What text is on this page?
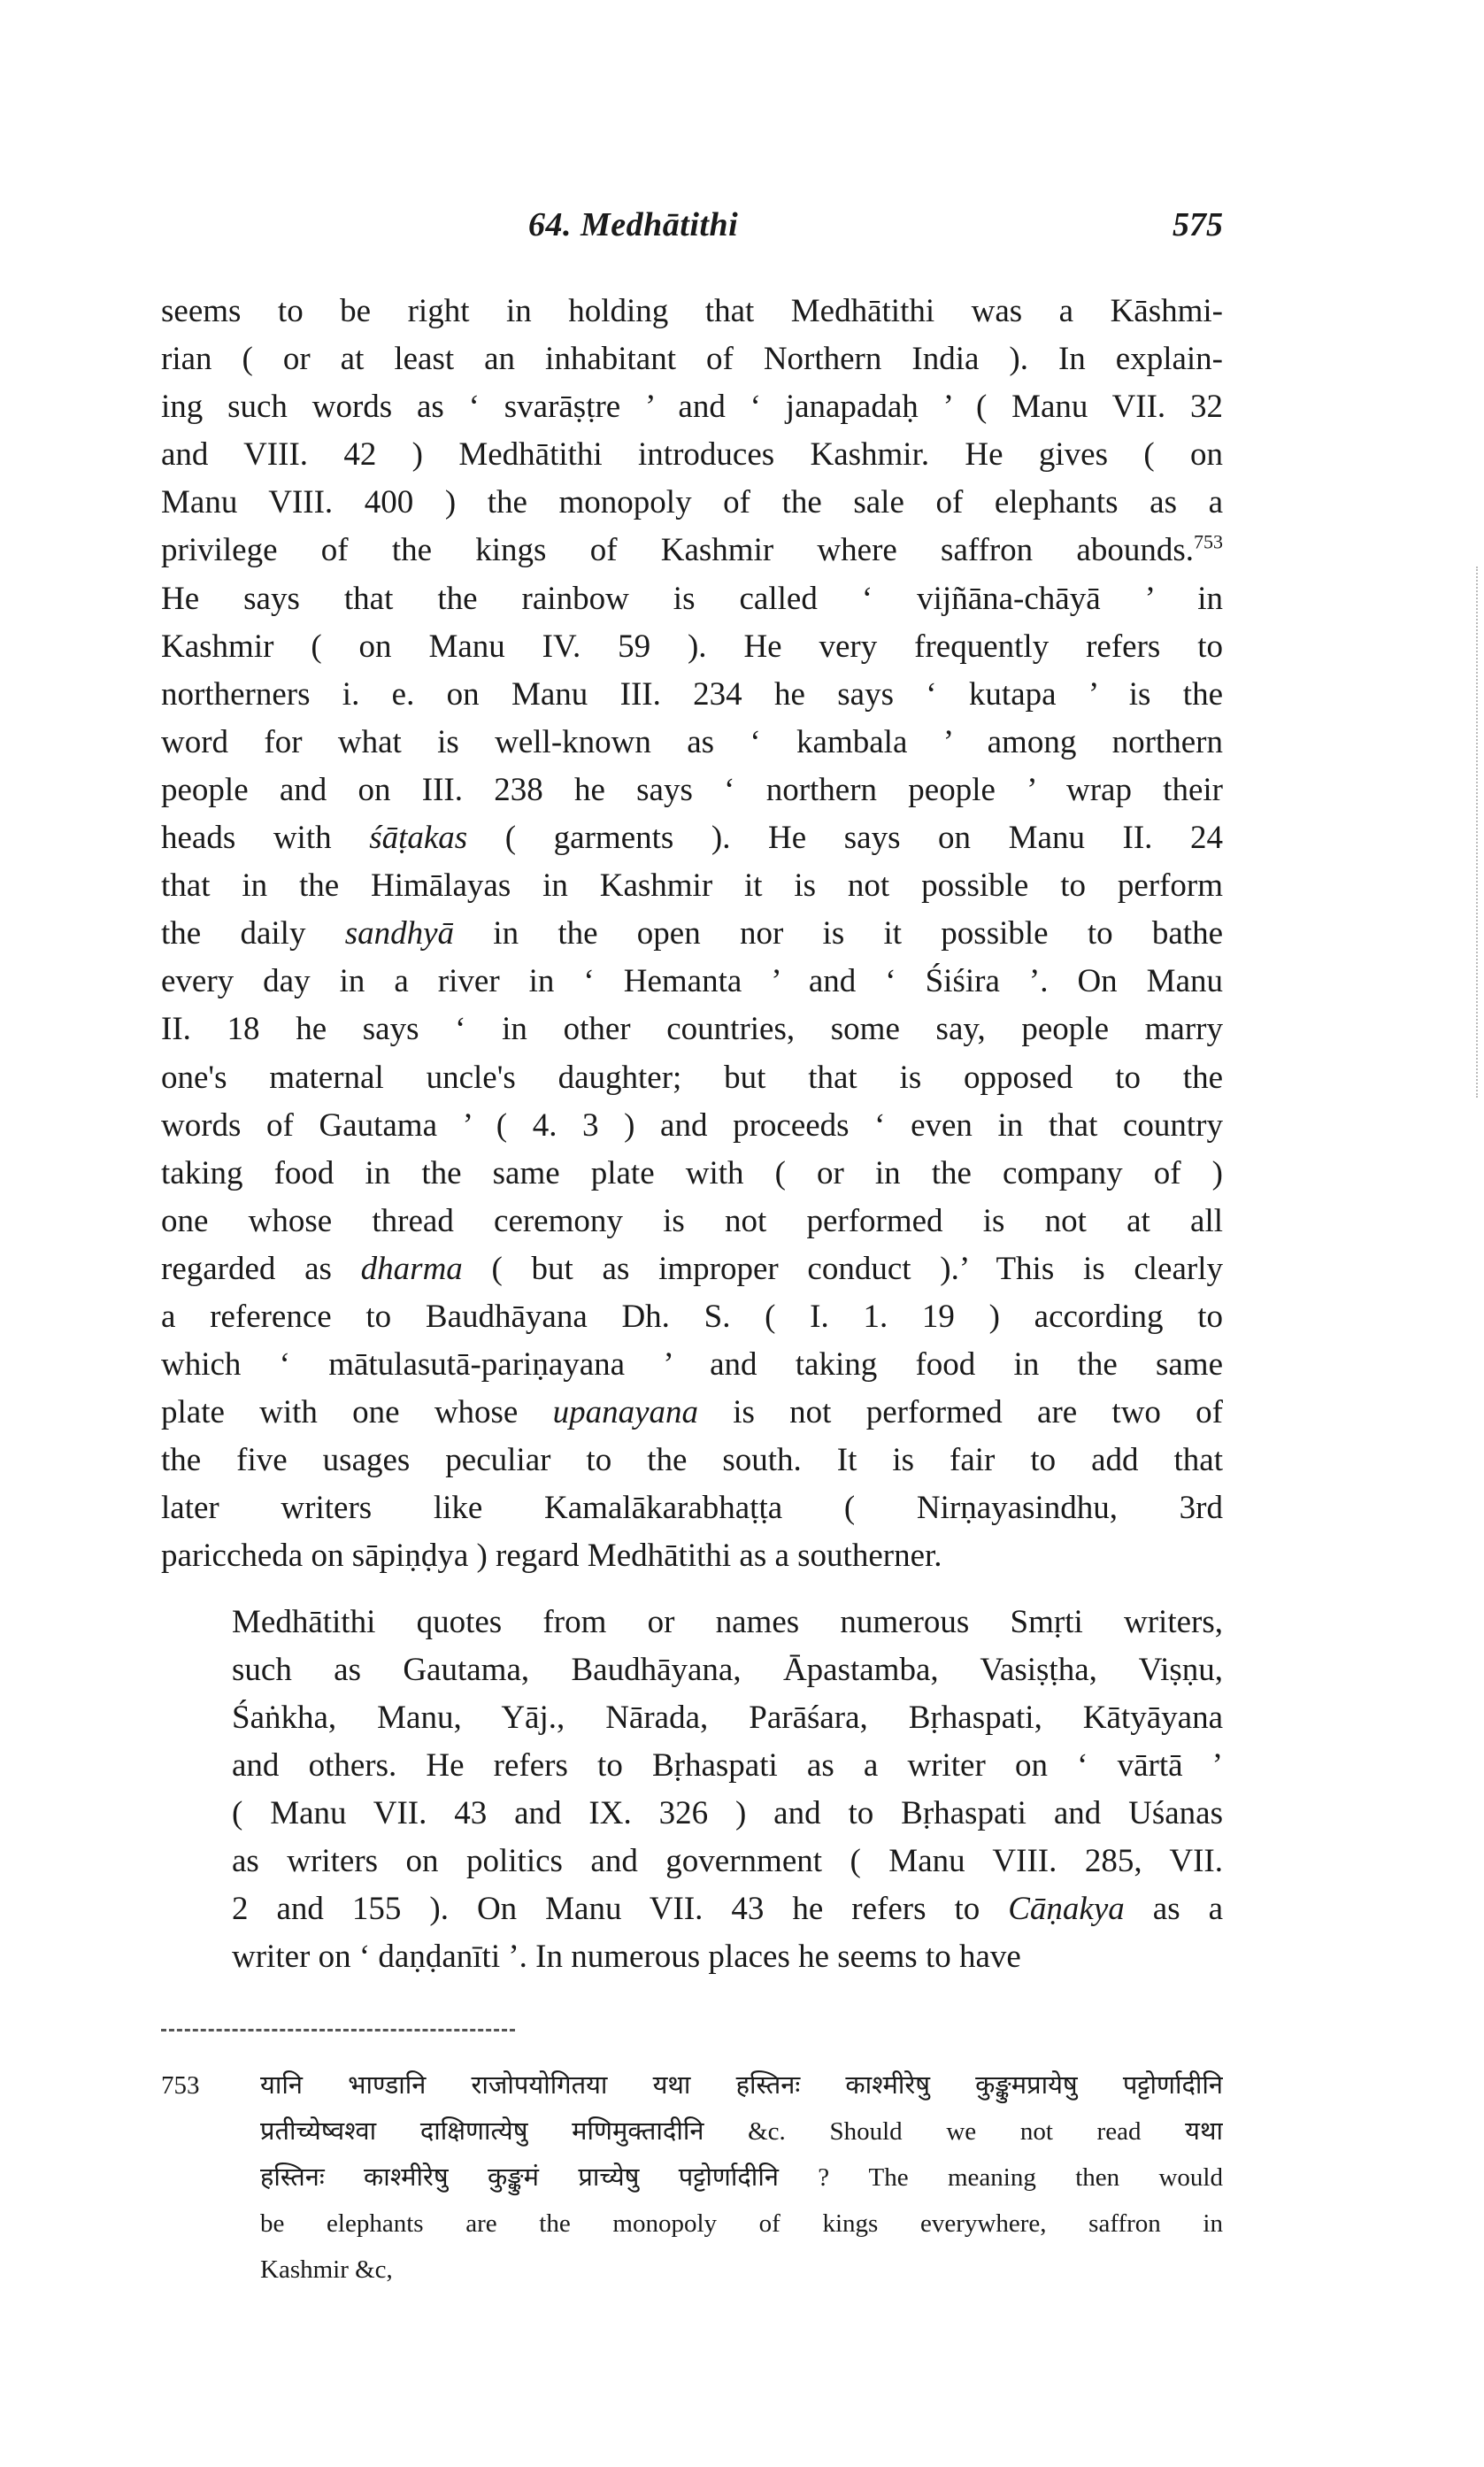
64. Medhātithi	575

seems to be right in holding that Medhātithi was a Kāshmi-
rian ( or at least an inhabitant of Northern India ). In explain-
ing such words as ‘ svarāṣṭre ’ and ‘ janapadaḥ ’ ( Manu VII. 32
and VIII. 42 ) Medhātithi introduces Kashmir. He gives ( on
Manu VIII. 400 ) the monopoly of the sale of elephants as a
privilege of the kings of Kashmir where saffron abounds.$^{753}$
He says that the rainbow is called ‘ vijñāna-chāyā ’ in
Kashmir ( on Manu IV. 59 ). He very frequently refers to
northerners i. e. on Manu III. 234 he says ‘ kutapa ’ is the
word for what is well-known as ‘ kambala ’ among northern
people and on III. 238 he says ‘ northern people ’ wrap their
heads with śāṭakas ( garments ). He says on Manu II. 24
that in the Himālayas in Kashmir it is not possible to perform
the daily sandhyā in the open nor is it possible to bathe
every day in a river in ‘ Hemanta ’ and ‘ Śiśira ’. On Manu
II. 18 he says ‘ in other countries, some say, people marry
one's maternal uncle's daughter; but that is opposed to the
words of Gautama ’ ( 4. 3 ) and proceeds ‘ even in that country
taking food in the same plate with ( or in the company of )
one whose thread ceremony is not performed is not at all
regarded as dharma ( but as improper conduct ).’ This is clearly
a reference to Baudhāyana Dh. S. ( I. 1. 19 ) according to
which ‘ mātulasutā-pariṇayana ’ and taking food in the same
plate with one whose upanayana is not performed are two of
the five usages peculiar to the south. It is fair to add that
later writers like Kamalākarabhaṭṭa ( Nirṇayasindhu, 3rd
pariccheda on sāpiṇḍya ) regard Medhātithi as a southerner.

Medhātithi quotes from or names numerous Smṛti writers,
such as Gautama, Baudhāyana, Āpastamba, Vasiṣṭha, Viṣṇu,
Śaṅkha, Manu, Yāj., Nārada, Parāśara, Bṛhaspati, Kātyāyana
and others. He refers to Bṛhaspati as a writer on ‘ vārtā ’
( Manu VII. 43 and IX. 326 ) and to Bṛhaspati and Uśanas
as writers on politics and government ( Manu VIII. 285, VII.
2 and 155 ). On Manu VII. 43 he refers to Cāṇakya as a
writer on ‘ daṇḍanīti ’. In numerous places he seems to have

753 यानि भाण्डानि राजोपयोगितया यथा हस्तिनः काश्मीरेषु कुङ्कुमप्रायेषु पट्टोर्णादीनि
प्रतीच्येष्वश्वा दाक्षिणात्येषु मणिमुक्तादीनि &c. Should we not read यथा
हस्तिनः काश्मीरेषु कुङ्कुमं प्राच्येषु पट्टोर्णादीनि ? The meaning then would
be elephants are the monopoly of kings everywhere, saffron in
Kashmir &c,
